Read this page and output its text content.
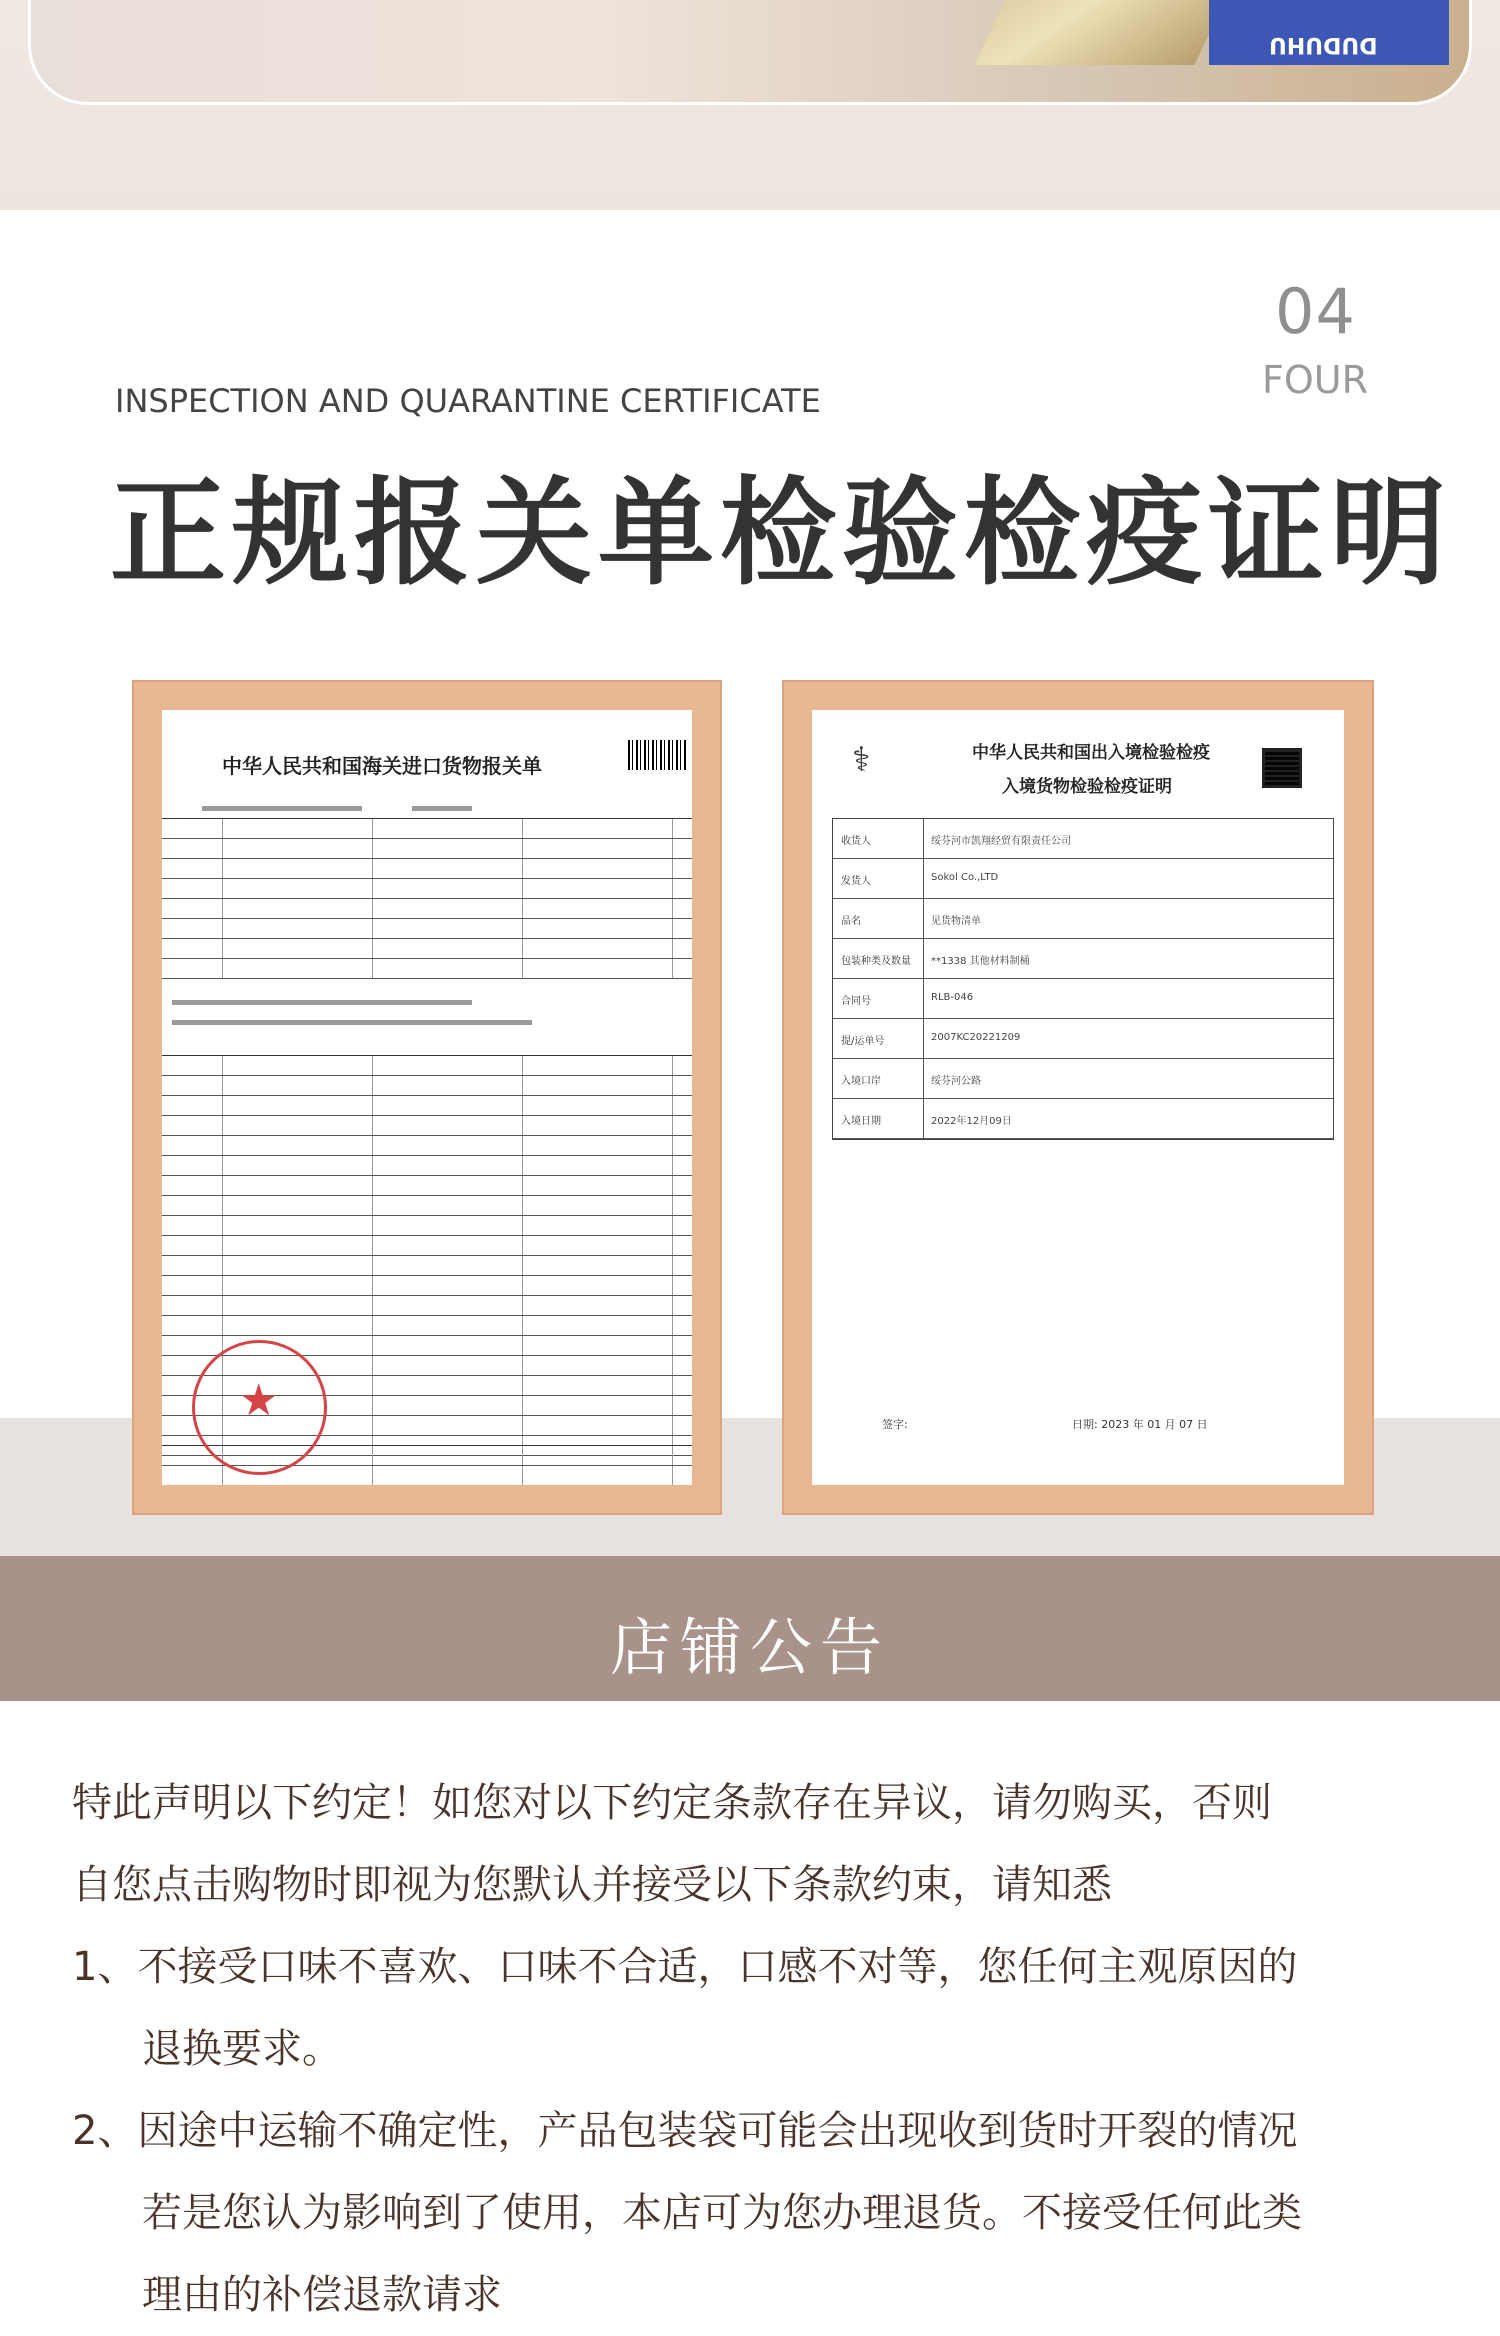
DUDUHU
04
FOUR
INSPECTION AND QUARANTINE CERTIFICATE
正规报关单检验检疫证明
中华人民共和国海关进口货物报关单
★	⚕	中华人民共和国出入境检验检疫
入境货物检验检疫证明
收货人	绥芬河市凯翔经贸有限责任公司
发货人	Sokol Co.,LTD
品名	见货物清单
包装种类及数量 **1338 其他材料制桶
合同号	RLB-046
提/运单号	2007KC20221209
入境口岸	绥芬河公路
入境日期	2022年12月09日
签字:	日期: 2023 年 01 月 07 日
店铺公告

特此声明以下约定！如您对以下约定条款存在异议，请勿购买，否则

自您点击购物时即视为您默认并接受以下条款约束，请知悉

1、不接受口味不喜欢、口味不合适，口感不对等，您任何主观原因的

退换要求。

2、因途中运输不确定性，产品包装袋可能会出现收到货时开裂的情况

若是您认为影响到了使用，本店可为您办理退货。不接受任何此类

理由的补偿退款请求
